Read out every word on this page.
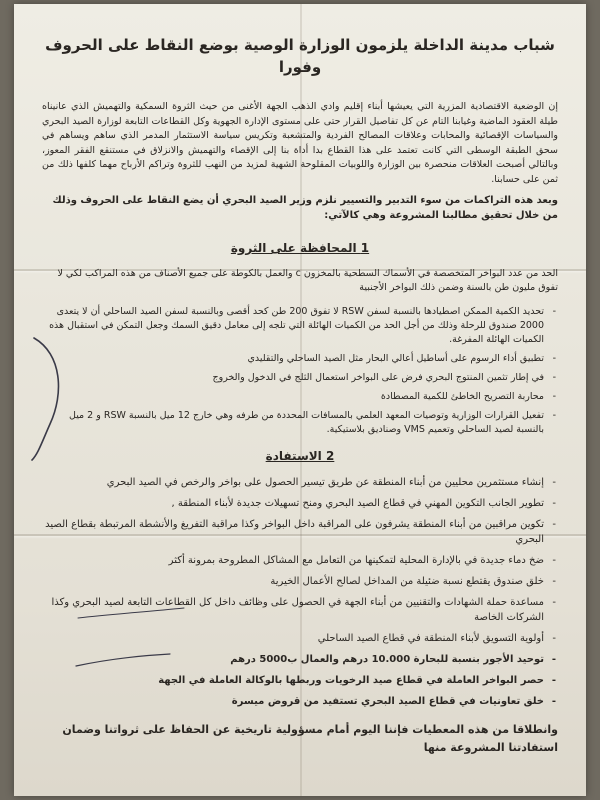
شباب مدينة الداخلة يلزمون الوزارة الوصية بوضع النقاط على الحروف وفورا

إن الوضعية الاقتصادية المزرية التي يعيشها أبناء إقليم وادي الذهب الجهة الأغنى من حيث الثروة السمكية والتهميش الذي عانيناه طيلة العقود الماضية وغيابنا التام عن كل تفاصيل القرار حتى على مستوى الإدارة الجهوية وكل القطاعات التابعة لوزارة الصيد البحري والسياسات الإقصائية والمحابات وعلاقات المصالح الفردية والمتشعبة وتكريس سياسة الاستثمار المدمر الذي ساهم ويساهم في سحق الطبقة الوسطى التي كانت تعتمد على هذا القطاع بدا أداة بنا إلى الإقصاء والتهميش والانزلاق في مستنقع الفقر المعوز، وبالتالي أصبحت العلاقات منحصرة بين الوزارة واللوبيات المقلوحة الشهية لمزيد من النهب للثروة وتراكم الأرباح مهما كلفها ذلك من ثمن على حسابنا.

وبعد هذه التراكمات من سوء التدبير والتسيير نلزم وزير الصيد البحري أن يضع النقاط على الحروف وذلك من خلال تحقيق مطالبنا المشروعة وهي كالآتي:

1 المحافظة على الثروة

الحد من عدد البواخر المتخصصة في الأسماك السطحية بالمخزون c والعمل بالكوطة على جميع الأصناف من هذه المراكب لكي لا تفوق مليون طن بالسنة وضمن ذلك البواخر الأجنبية

- تحديد الكمية الممكن اصطيادها بالنسبة لسفن RSW لا تفوق 200 طن كحد أقصى وبالنسبة لسفن الصيد الساحلي أن لا يتعدى 2000 صندوق للرحلة وذلك من أجل الحد من الكميات الهائلة التي تلجه إلى معامل دقيق السمك وجعل التمكن في استقبال هذه الكميات الهائلة المفرغة.
- تطبيق أداء الرسوم على أساطيل أعالي البحار مثل الصيد الساحلي والتقليدي
- في إطار تثمين المنتوج البحري فرض على البواخر استعمال الثلج في الدخول والخروج
- محاربة التصريح الخاطئ للكمية المصطادة
- تفعيل القرارات الوزارية وتوصيات المعهد العلمي بالمسافات المحددة من طرفه وهي خارج 12 ميل بالنسبة RSW و 2 ميل بالنسبة لصيد الساحلي وتعميم VMS وصناديق بلاستيكية.
2 الاستفادة
- إنشاء مستثمرين محليين من أبناء المنطقة عن طريق تيسير الحصول على بواخر والرخص في الصيد البحري
- تطوير الجانب التكوين المهني في قطاع الصيد البحري ومنح تسهيلات جديدة لأبناء المنطقة ,
- تكوين مراقبين من أبناء المنطقة يشرفون على المراقبة داخل البواخر وكذا مراقبة التفريغ والأنشطة المرتبطة بقطاع الصيد البحري
- ضخ دماء جديدة في بالإدارة المحلية لتمكينها من التعامل مع المشاكل المطروحة بمرونة أكثر
- خلق صندوق يقتطع نسبة ضئيلة من المداخل لصالح الأعمال الخيرية
- مساعدة حملة الشهادات والتقنيين من أبناء الجهة في الحصول على وظائف داخل كل القطاعات التابعة لصيد البحري وكذا الشركات الخاصة
- أولوية التسويق لأبناء المنطقة في قطاع الصيد الساحلي
- توحيد الأجور بنسبة للبحارة 10.000 درهم والعمال ب5000 درهم
- حصر البواخر العاملة في قطاع صيد الرخويات وربطها بالوكالة العاملة في الجهة
- خلق تعاونيات في قطاع الصيد البحري تستفيد من قروض ميسرة
وانطلاقا من هذه المعطيات فإننا اليوم أمام مسؤولية تاريخية عن الحفاظ على ثرواتنا وضمان استفادتنا المشروعة منها
